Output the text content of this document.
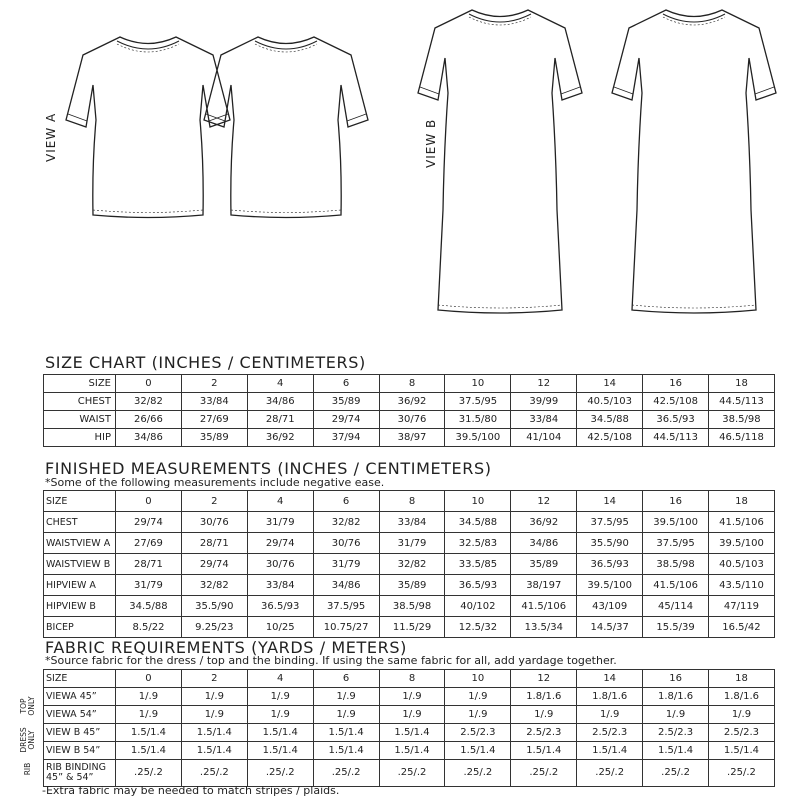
VIEW A	VIEW B
SIZE CHART (INCHES / CENTIMETERS)
SIZE	0	2	4	6	8	10	12	14	16	18
CHEST	32/82	33/84	34/86	35/89	36/92	37.5/95	39/99	40.5/103	42.5/108	44.5/113
WAIST	26/66	27/69	28/71	29/74	30/76	31.5/80	33/84	34.5/88	36.5/93	38.5/98
HIP	34/86	35/89	36/92	37/94	38/97	39.5/100	41/104	42.5/108	44.5/113	46.5/118
FINISHED MEASUREMENTS (INCHES / CENTIMETERS)
*Some of the following measurements include negative ease.
SIZE	0	2	4	6	8	10	12	14	16	18
CHEST	29/74	30/76	31/79	32/82	33/84	34.5/88	36/92	37.5/95	39.5/100	41.5/106
WAISTVIEW A	27/69	28/71	29/74	30/76	31/79	32.5/83	34/86	35.5/90	37.5/95	39.5/100
WAISTVIEW B	28/71	29/74	30/76	31/79	32/82	33.5/85	35/89	36.5/93	38.5/98	40.5/103
HIPVIEW A	31/79	32/82	33/84	34/86	35/89	36.5/93	38/197	39.5/100	41.5/106	43.5/110
HIPVIEW B	34.5/88	35.5/90	36.5/93	37.5/95	38.5/98	40/102	41.5/106	43/109	45/114	47/119
BICEP	8.5/22	9.25/23	10/25	10.75/27	11.5/29	12.5/32	13.5/34	14.5/37	15.5/39	16.5/42
FABRIC REQUIREMENTS (YARDS / METERS)
*Source fabric for the dress / top and the binding. If using the same fabric for all, add yardage together.
SIZE	0	2	4	6	8	10	12	14	16	18
VIEWA 45”	1/.9	1/.9	1/.9	1/.9	1/.9	1/.9	1.8/1.6	1.8/1.6	1.8/1.6	1.8/1.6
VIEWA 54”	1/.9	1/.9	1/.9	1/.9	1/.9	1/.9	1/.9	1/.9	1/.9	1/.9
VIEW B 45”	1.5/1.4	1.5/1.4	1.5/1.4	1.5/1.4	1.5/1.4	2.5/2.3	2.5/2.3	2.5/2.3	2.5/2.3	2.5/2.3
VIEW B 54”	1.5/1.4	1.5/1.4	1.5/1.4	1.5/1.4	1.5/1.4	1.5/1.4	1.5/1.4	1.5/1.4	1.5/1.4	1.5/1.4
RIB BINDING 45” & 54”	.25/.2	.25/.2	.25/.2	.25/.2	.25/.2	.25/.2	.25/.2	.25/.2	.25/.2	.25/.2
TOP ONLY
DRESS ONLY
RIB
-Extra fabric may be needed to match stripes / plaids.
